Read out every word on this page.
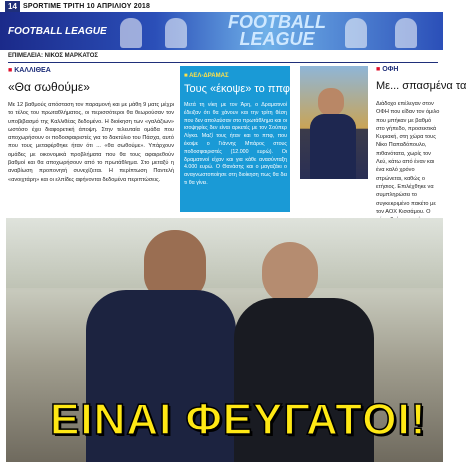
14 SPORTIME ΤΡΙΤΗ 10 ΑΠΡΙΛΙΟΥ 2018
FOOTBALL LEAGUE	FOOTBALL LEAGUE
ΕΠΙΜΕΛΕΙΑ: ΝΙΚΟΣ ΜΑΡΚΑΤΟΣ
■ ΚΑΛΛΙΘΕΑ
«Θα σωθούμε»
Με 12 βαθμούς απόσταση τον παραμονή και με μάθη 9 ματς μέχρι το τέλος του πρωταθλήματος, οι περισσότεροι θα θεωρούσαν τον υποβιβασμό της Καλλιθέας δεδομένο. Η διοίκηση των «γαλάζιων» ωστόσο έχει διαφορετική άποψη. Στην τελευταία ομάδα που αποχωρήσουν οι ποδοσφαιριστές για το δακτύλιο του Πάσχα, αυτό που τους μεταφέρθηκε ήταν ότι ... «θα σωθούμε». Υπάρχουν ομάδες με οικονομικά προβλήματα που θα τους αφαιρεθούν βαθμοί και θα αποχωρήσουν από το πρωτάθλημα. Στο μεταξύ η αναβίωση προπονητή συνεχίζεται. Η περίπτωση Παντελή «ανοιχτάρη» και οι ελπίδες αφήνονται δεδομένα περιπτώσεις.
■ ΑΕΛ-ΔΡΑΜΑΣ
Τους «έκοψε» το ππφ
Μετά τη νίκη με τον Άρη, ο Δραματινοί έδειξαν ότι θα χάνουν και την τρίτη θέση που δεν απολαύσαν στο πρωτάθλημα και οι ισοψηφίες δεν είναι αρκετές με τον Σούπερ Λίγκα. Μαζί τους ήταν και το ππφ, που έκοψε ο Γιάννης Μπάρος στους ποδοσφαιριστές (12.000 ευρώ). Οι δραματινοί είχαν και για κάθε ανασύνταξη 4.000 ευρώ. Ο Θανάσης και ο μαγαζάκι ο αναγνωστοποίησε στη διοίκηση πως θα δει τι θα γίνει.
■ ΟΦΗ
Με... σπασμένα τα
Διάδοχο επέλεγαν στον ΟΦΗ που είδαν τον όμιλο που μπήκαν με βαθμό στο γήπεδο, προσεκτικά Κυριακή, στη χώρα τους Νίκο Παπαδόπουλο, πιθανότατα, χωρίς τον Λεύ, κάτω από έναν και ένα καλό χρόνο στρώνεται, καθώς ο ετήσιος. Επιλέχθηκε να συμπληρώσει το συγκεκριμένο πακέτο με τον ΑΟΧ Κισσάμου. Ο
ΕΙΝΑΙ ΦΕΥΓΑΤΟΙ!
